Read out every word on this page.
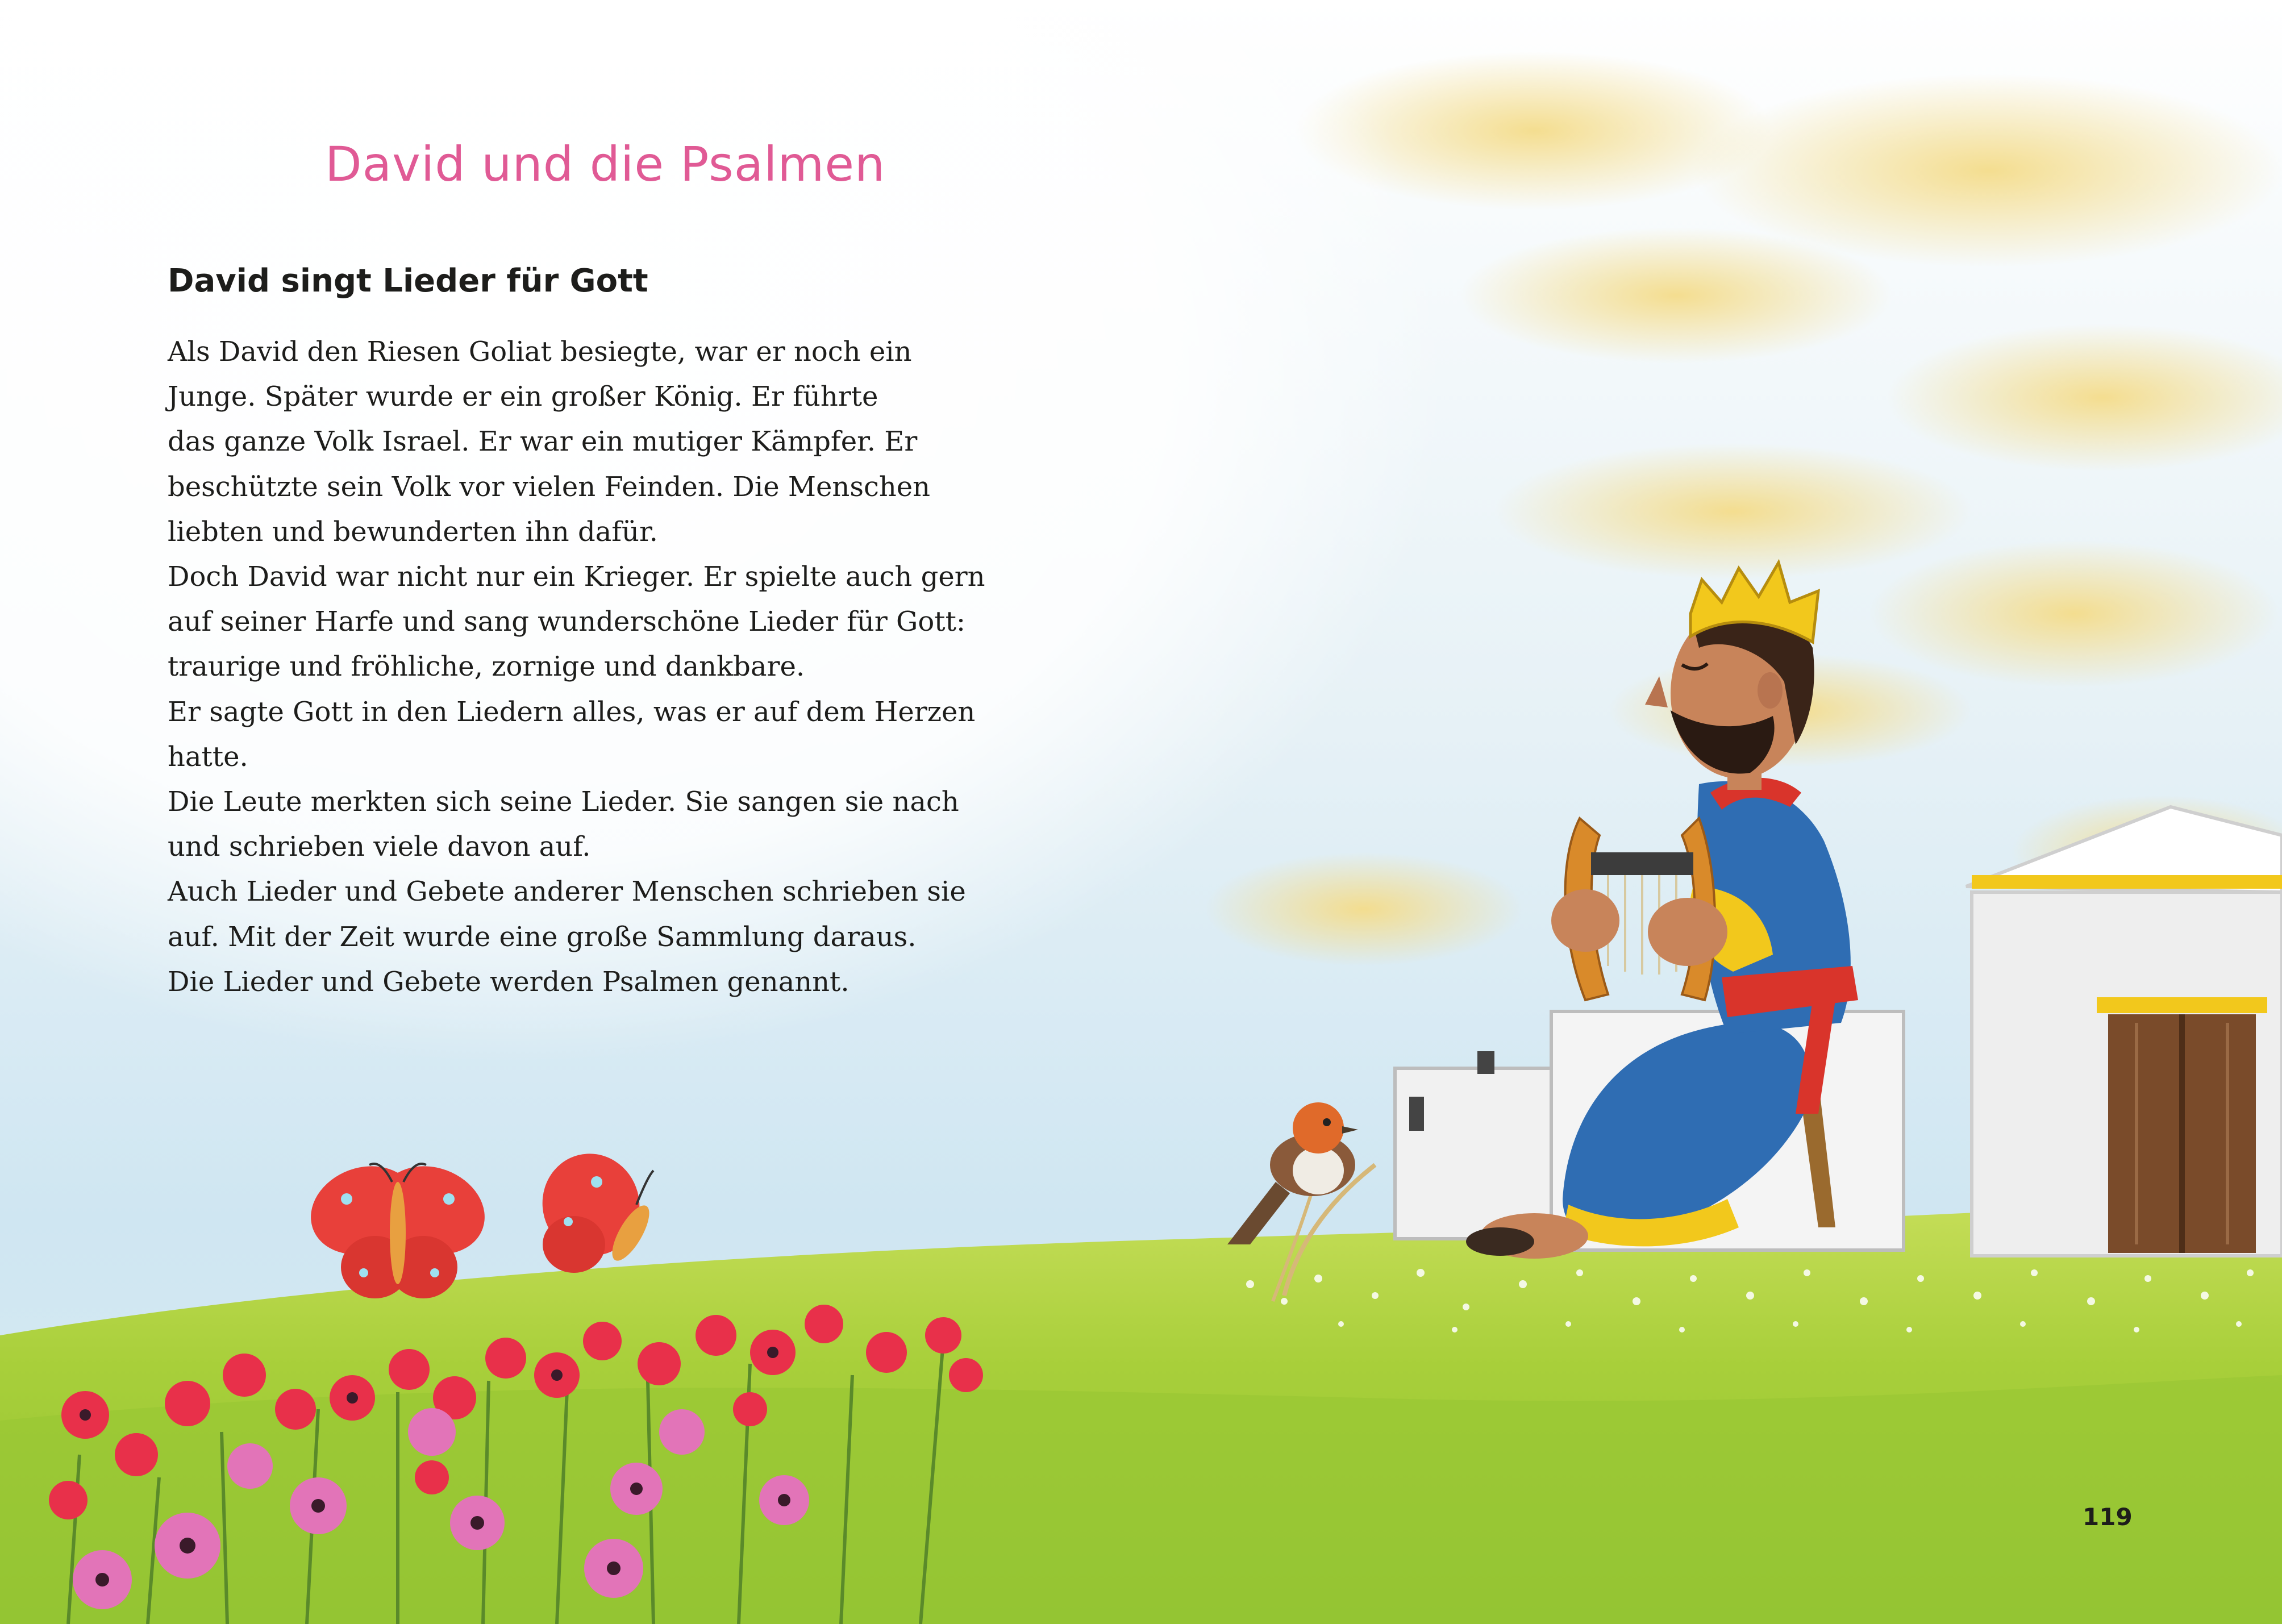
David und die Psalmen
David singt Lieder für Gott
Als David den Riesen Goliat besiegte, war er noch ein
Junge. Später wurde er ein großer König. Er führte
das ganze Volk Israel. Er war ein mutiger Kämpfer. Er
beschützte sein Volk vor vielen Feinden. Die Menschen
liebten und bewunderten ihn dafür.
Doch David war nicht nur ein Krieger. Er spielte auch gern
auf seiner Harfe und sang wunderschöne Lieder für Gott:
traurige und fröhliche, zornige und dankbare.
Er sagte Gott in den Liedern alles, was er auf dem Herzen
hatte.
Die Leute merkten sich seine Lieder. Sie sangen sie nach
und schrieben viele davon auf.
Auch Lieder und Gebete anderer Menschen schrieben sie
auf. Mit der Zeit wurde eine große Sammlung daraus.
Die Lieder und Gebete werden Psalmen genannt.
119
